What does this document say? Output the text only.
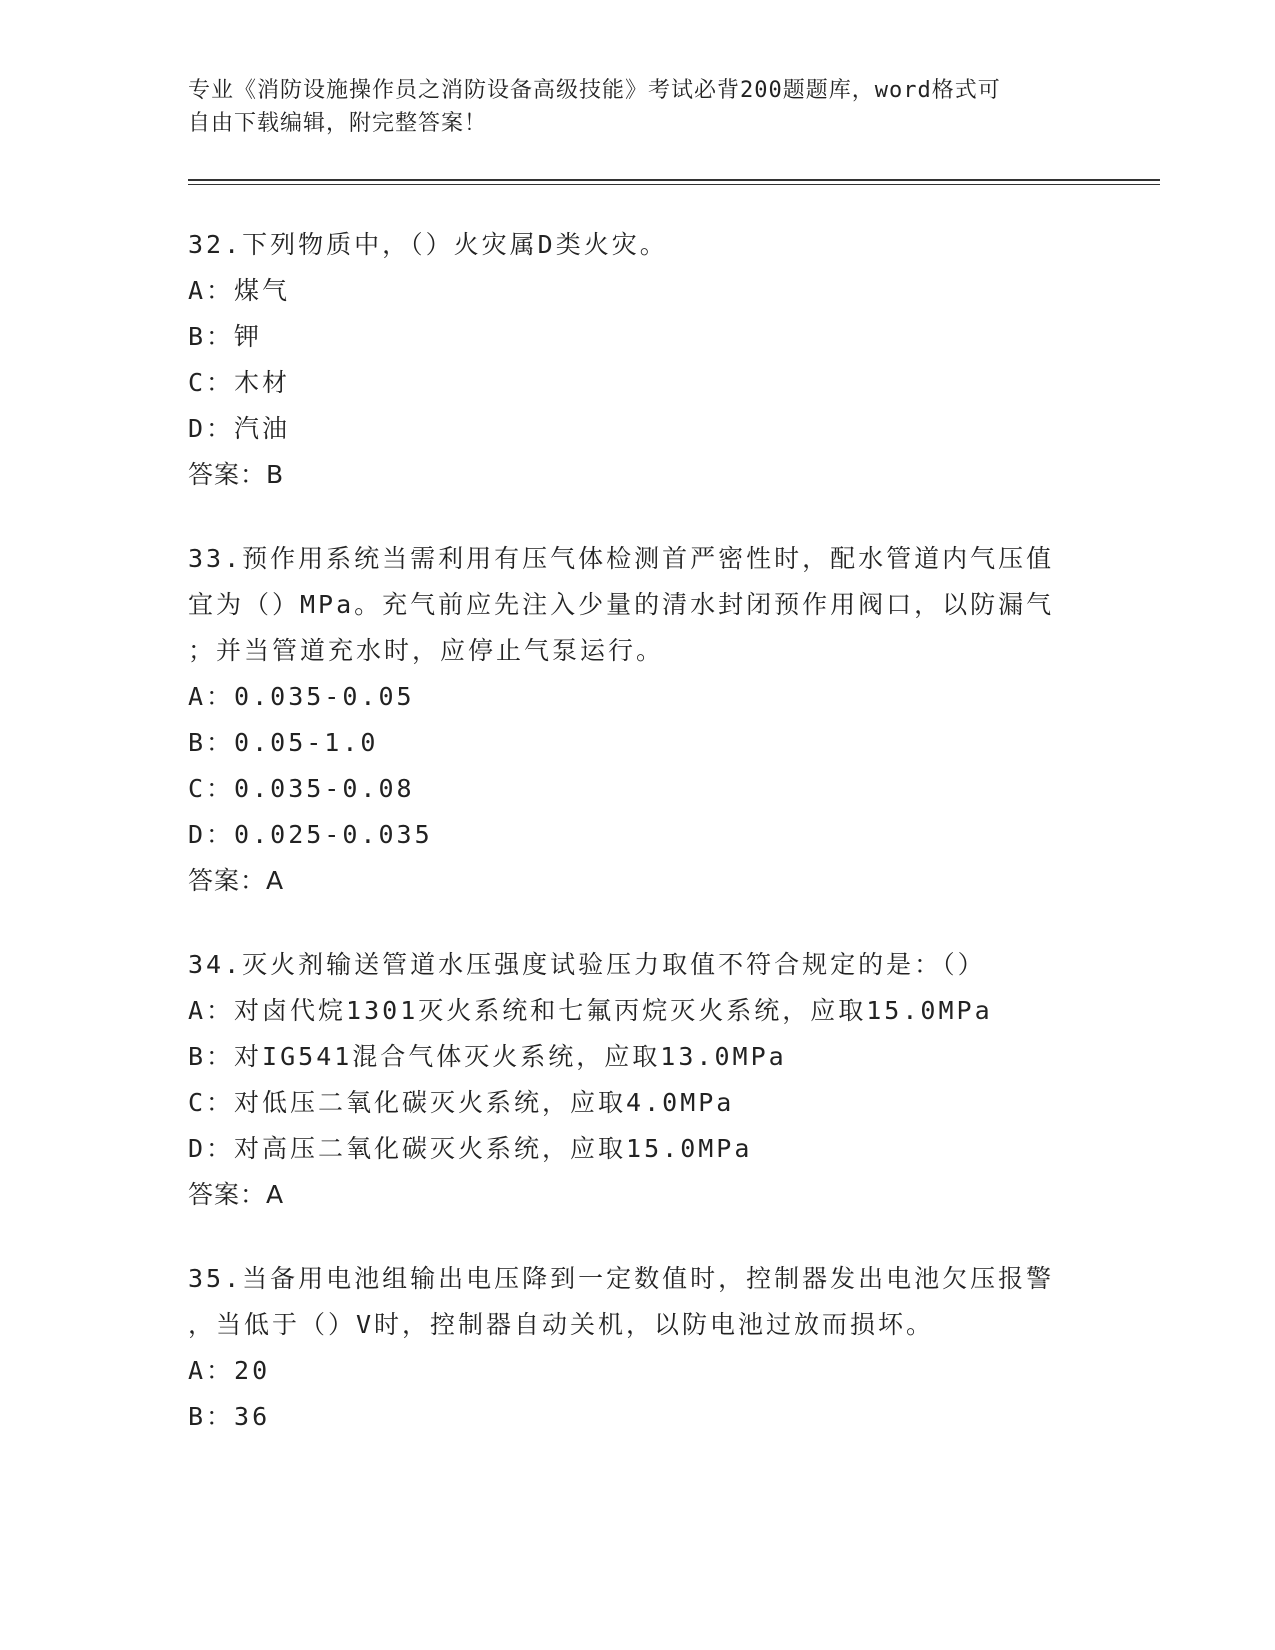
专业《消防设施操作员之消防设备高级技能》考试必背200题题库，word格式可
自由下载编辑，附完整答案！
32.下列物质中，（）火灾属D类火灾。
A：煤气
B：钾
C：木材
D：汽油
答案：B
33.预作用系统当需利用有压气体检测首严密性时，配水管道内气压值
宜为（）MPa。充气前应先注入少量的清水封闭预作用阀口，以防漏气
；并当管道充水时，应停止气泵运行。
A：0.035-0.05
B：0.05-1.0
C：0.035-0.08
D：0.025-0.035
答案：A
34.灭火剂输送管道水压强度试验压力取值不符合规定的是：（）
A：对卤代烷1301灭火系统和七氟丙烷灭火系统，应取15.0MPa
B：对IG541混合气体灭火系统，应取13.0MPa
C：对低压二氧化碳灭火系统，应取4.0MPa
D：对高压二氧化碳灭火系统，应取15.0MPa
答案：A
35.当备用电池组输出电压降到一定数值时，控制器发出电池欠压报警
，当低于（）V时，控制器自动关机，以防电池过放而损坏。
A：20
B：36
